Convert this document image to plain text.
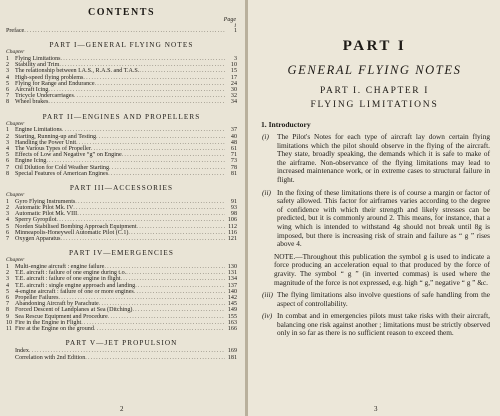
CONTENTS
Page
i
Preface .....	1
PART I—GENERAL FLYING NOTES
Chapter
1 Flying Limitations .....	3
2 Stability and Trim .....	10
3 The relationship between I.A.S., R.A.S. and T.A.S. .....	15
4 High-speed flying problems .....	17
5 Flying for Range and Endurance .....	24
6 Aircraft Icing .....	30
7 Tricycle Undercarriages .....	32
8 Wheel brakes .....	34
PART II—ENGINES AND PROPELLERS
Chapter
1 Engine Limitations .....	37
2 Starting, Running-up and Testing .....	40
3 Handling the Power Unit .....	48
4 The Various Types of Propeller .....	61
5 Effects of Low and Negative “g” on Engine .....	71
6 Engine Icing .....	73
7 Oil Dilution for Cold Weather Starting .....	78
8 Special Features of American Engines .....	81
PART III—ACCESSORIES
Chapter
1 Gyro Flying Instruments .....	91
2 Automatic Pilot Mk. IV .....	93
3 Automatic Pilot Mk. VIII .....	98
4 Sperry Gyropilot .....	106
5 Norden Stabilised Bombing Approach Equipment .....	112
6 Minneapolis-Honeywell Automatic Pilot (C.1) .....	116
7 Oxygen Apparatus .....	121
PART IV—EMERGENCIES
Chapter
1 Multi-engine aircraft : engine failure .....	130
2 T.E. aircraft : failure of one engine during t.o. .....	131
3 T.E. aircraft : failure of one engine in flight .....	134
4 T.E. aircraft : single engine approach and landing .....	137
5 4-engine aircraft : failure of one or more engines .....	140
6 Propeller Failures .....	142
7 Abandoning Aircraft by Parachute .....	145
8 Forced Descent of Landplanes at Sea (Ditching) .....	149
9 Sea Rescue Equipment and Procedure .....	155
10 Fire in the Engine in Flight .....	163
11 Fire at the Engine on the ground .....	166
PART V—JET PROPULSION
Index .....	169
Correlation with 2nd Edition .....	181
2
PART I
GENERAL FLYING NOTES
PART I. CHAPTER I
FLYING LIMITATIONS
1. Introductory
(i)	The Pilot's Notes for each type of aircraft lay down certain flying limitations which the pilot should observe in the flying of the aircraft. They state, broadly speaking, the demands which it is safe to make of the airframe. Non-observance of the flying limitations may lead to increased maintenance work, or in extreme cases to structural failure in flight.
(ii) In the fixing of these limitations there is of course a margin or factor of safety allowed. This factor for airframes varies according to the degree of confidence with which their strength and likely stresses can be predicted, but it is commonly around 2. This means, for instance, that a wing which is intended to withstand 4g should not break until 8g is imposed, but there is increasing risk of strain and failure as “ g ” rises above 4.
NOTE.—Throughout this publication the symbol g is used to indicate a force producing an acceleration equal to that produced by the force of gravity. The symbol “ g ” (in inverted commas) is used where the magnitude of the force is not expressed, e.g. high “ g,” negative “ g ” &c.
(iii) The flying limitations also involve questions of safe handling from the aspect of controllability.
(iv) In combat and in emergencies pilots must take risks with their aircraft, balancing one risk against another ; limitations must be strictly observed only in so far as there is no sufficient reason to exceed them.
3
